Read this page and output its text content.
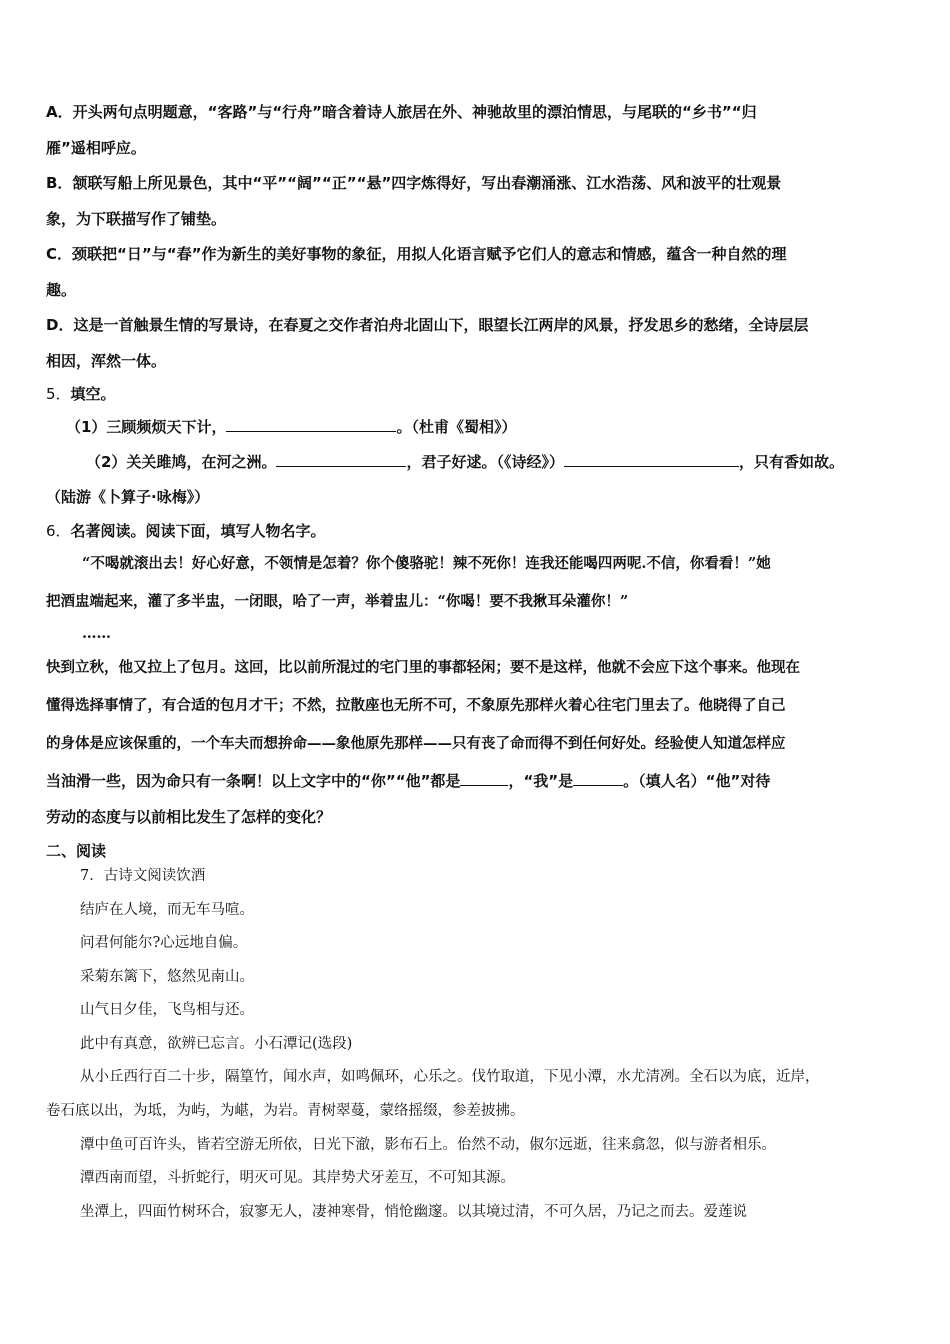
A．开头两句点明题意，“客路”与“行舟”暗含着诗人旅居在外、神驰故里的漂泊情思，与尾联的“乡书”“归
雁”遥相呼应。
B．颔联写船上所见景色，其中“平”“阔”“正”“悬”四字炼得好，写出春潮涌涨、江水浩荡、风和波平的壮观景
象，为下联描写作了铺垫。
C．颈联把“日”与“春”作为新生的美好事物的象征，用拟人化语言赋予它们人的意志和情感，蕴含一种自然的理
趣。
D．这是一首触景生情的写景诗，在春夏之交作者泊舟北固山下，眼望长江两岸的风景，抒发思乡的愁绪，全诗层层
相因，浑然一体。
5．填空。
（1）三顾频烦天下计，	。（杜甫《蜀相》）
（2）关关雎鸠，在河之洲。	，君子好逑。（《诗经》）	，只有香如故。
（陆游《卜算子·咏梅》）
6．名著阅读。阅读下面，填写人物名字。
“不喝就滚出去！好心好意，不领情是怎着？你个傻骆驼！辣不死你！连我还能喝四两呢.不信，你看看！”她
把酒盅端起来，灌了多半盅，一闭眼，哈了一声，举着盅儿：“你喝！要不我揪耳朵灌你！”
……
快到立秋，他又拉上了包月。这回，比以前所混过的宅门里的事都轻闲；要不是这样，他就不会应下这个事来。他现在
懂得选择事情了，有合适的包月才干；不然，拉散座也无所不可，不象原先那样火着心往宅门里去了。他晓得了自己
的身体是应该保重的，一个车夫而想拚命——象他原先那样——只有丧了命而得不到任何好处。经验使人知道怎样应
当油滑一些，因为命只有一条啊！以上文字中的“你”“他”都是	，“我”是	。（填人名）“他”对待
劳动的态度与以前相比发生了怎样的变化？
二、阅读
7．古诗文阅读饮酒
结庐在人境，而无车马喧。
问君何能尔?心远地自偏。
采菊东篱下，悠然见南山。
山气日夕佳，飞鸟相与还。
此中有真意，欲辨已忘言。小石潭记(选段)
从小丘西行百二十步，隔篁竹，闻水声，如鸣佩环，心乐之。伐竹取道，下见小潭，水尤清冽。全石以为底，近岸，
卷石底以出，为坻，为屿，为嵁，为岩。青树翠蔓，蒙络摇缀，参差披拂。
潭中鱼可百许头，皆若空游无所依，日光下澈，影布石上。佁然不动，俶尔远逝，往来翕忽，似与游者相乐。
潭西南而望，斗折蛇行，明灭可见。其岸势犬牙差互，不可知其源。
坐潭上，四面竹树环合，寂寥无人，凄神寒骨，悄怆幽邃。以其境过清，不可久居，乃记之而去。爱莲说
